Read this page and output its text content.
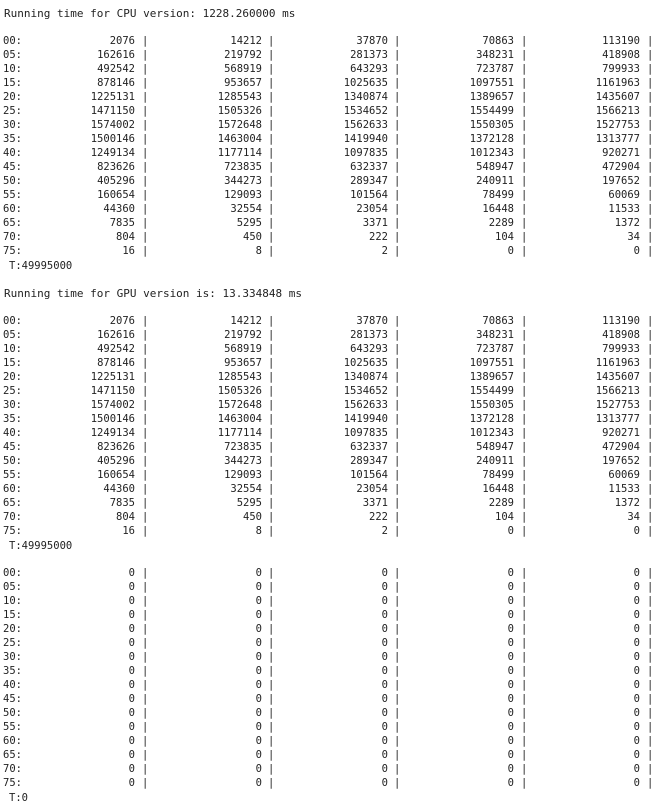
Running time for CPU version: 1228.260000 ms
00:	2076 |	14212 |	37870 |	70863 |	113190 |
05:	162616 |	219792 |	281373 |	348231 |	418908 |
10:	492542 |	568919 |	643293 |	723787 |	799933 |
15:	878146 |	953657 |	1025635 |	1097551 |	1161963 |
20:	1225131 |	1285543 |	1340874 |	1389657 |	1435607 |
25:	1471150 |	1505326 |	1534652 |	1554499 |	1566213 |
30:	1574002 |	1572648 |	1562633 |	1550305 |	1527753 |
35:	1500146 |	1463004 |	1419940 |	1372128 |	1313777 |
40:	1249134 |	1177114 |	1097835 |	1012343 |	920271 |
45:	823626 |	723835 |	632337 |	548947 |	472904 |
50:	405296 |	344273 |	289347 |	240911 |	197652 |
55:	160654 |	129093 |	101564 |	78499 |	60069 |
60:	44360 |	32554 |	23054 |	16448 |	11533 |
65:	7835 |	5295 |	3371 |	2289 |	1372 |
70:	804 |	450 |	222 |	104 |	34 |
75:	16 |	8 |	2 |	0 |	0 |
T:49995000
Running time for GPU version is: 13.334848 ms
00:	2076 |	14212 |	37870 |	70863 |	113190 |
05:	162616 |	219792 |	281373 |	348231 |	418908 |
10:	492542 |	568919 |	643293 |	723787 |	799933 |
15:	878146 |	953657 |	1025635 |	1097551 |	1161963 |
20:	1225131 |	1285543 |	1340874 |	1389657 |	1435607 |
25:	1471150 |	1505326 |	1534652 |	1554499 |	1566213 |
30:	1574002 |	1572648 |	1562633 |	1550305 |	1527753 |
35:	1500146 |	1463004 |	1419940 |	1372128 |	1313777 |
40:	1249134 |	1177114 |	1097835 |	1012343 |	920271 |
45:	823626 |	723835 |	632337 |	548947 |	472904 |
50:	405296 |	344273 |	289347 |	240911 |	197652 |
55:	160654 |	129093 |	101564 |	78499 |	60069 |
60:	44360 |	32554 |	23054 |	16448 |	11533 |
65:	7835 |	5295 |	3371 |	2289 |	1372 |
70:	804 |	450 |	222 |	104 |	34 |
75:	16 |	8 |	2 |	0 |	0 |
T:49995000
00:	0 |	0 |	0 |	0 |	0 |
05:	0 |	0 |	0 |	0 |	0 |
10:	0 |	0 |	0 |	0 |	0 |
15:	0 |	0 |	0 |	0 |	0 |
20:	0 |	0 |	0 |	0 |	0 |
25:	0 |	0 |	0 |	0 |	0 |
30:	0 |	0 |	0 |	0 |	0 |
35:	0 |	0 |	0 |	0 |	0 |
40:	0 |	0 |	0 |	0 |	0 |
45:	0 |	0 |	0 |	0 |	0 |
50:	0 |	0 |	0 |	0 |	0 |
55:	0 |	0 |	0 |	0 |	0 |
60:	0 |	0 |	0 |	0 |	0 |
65:	0 |	0 |	0 |	0 |	0 |
70:	0 |	0 |	0 |	0 |	0 |
75:	0 |	0 |	0 |	0 |	0 |
T:0
